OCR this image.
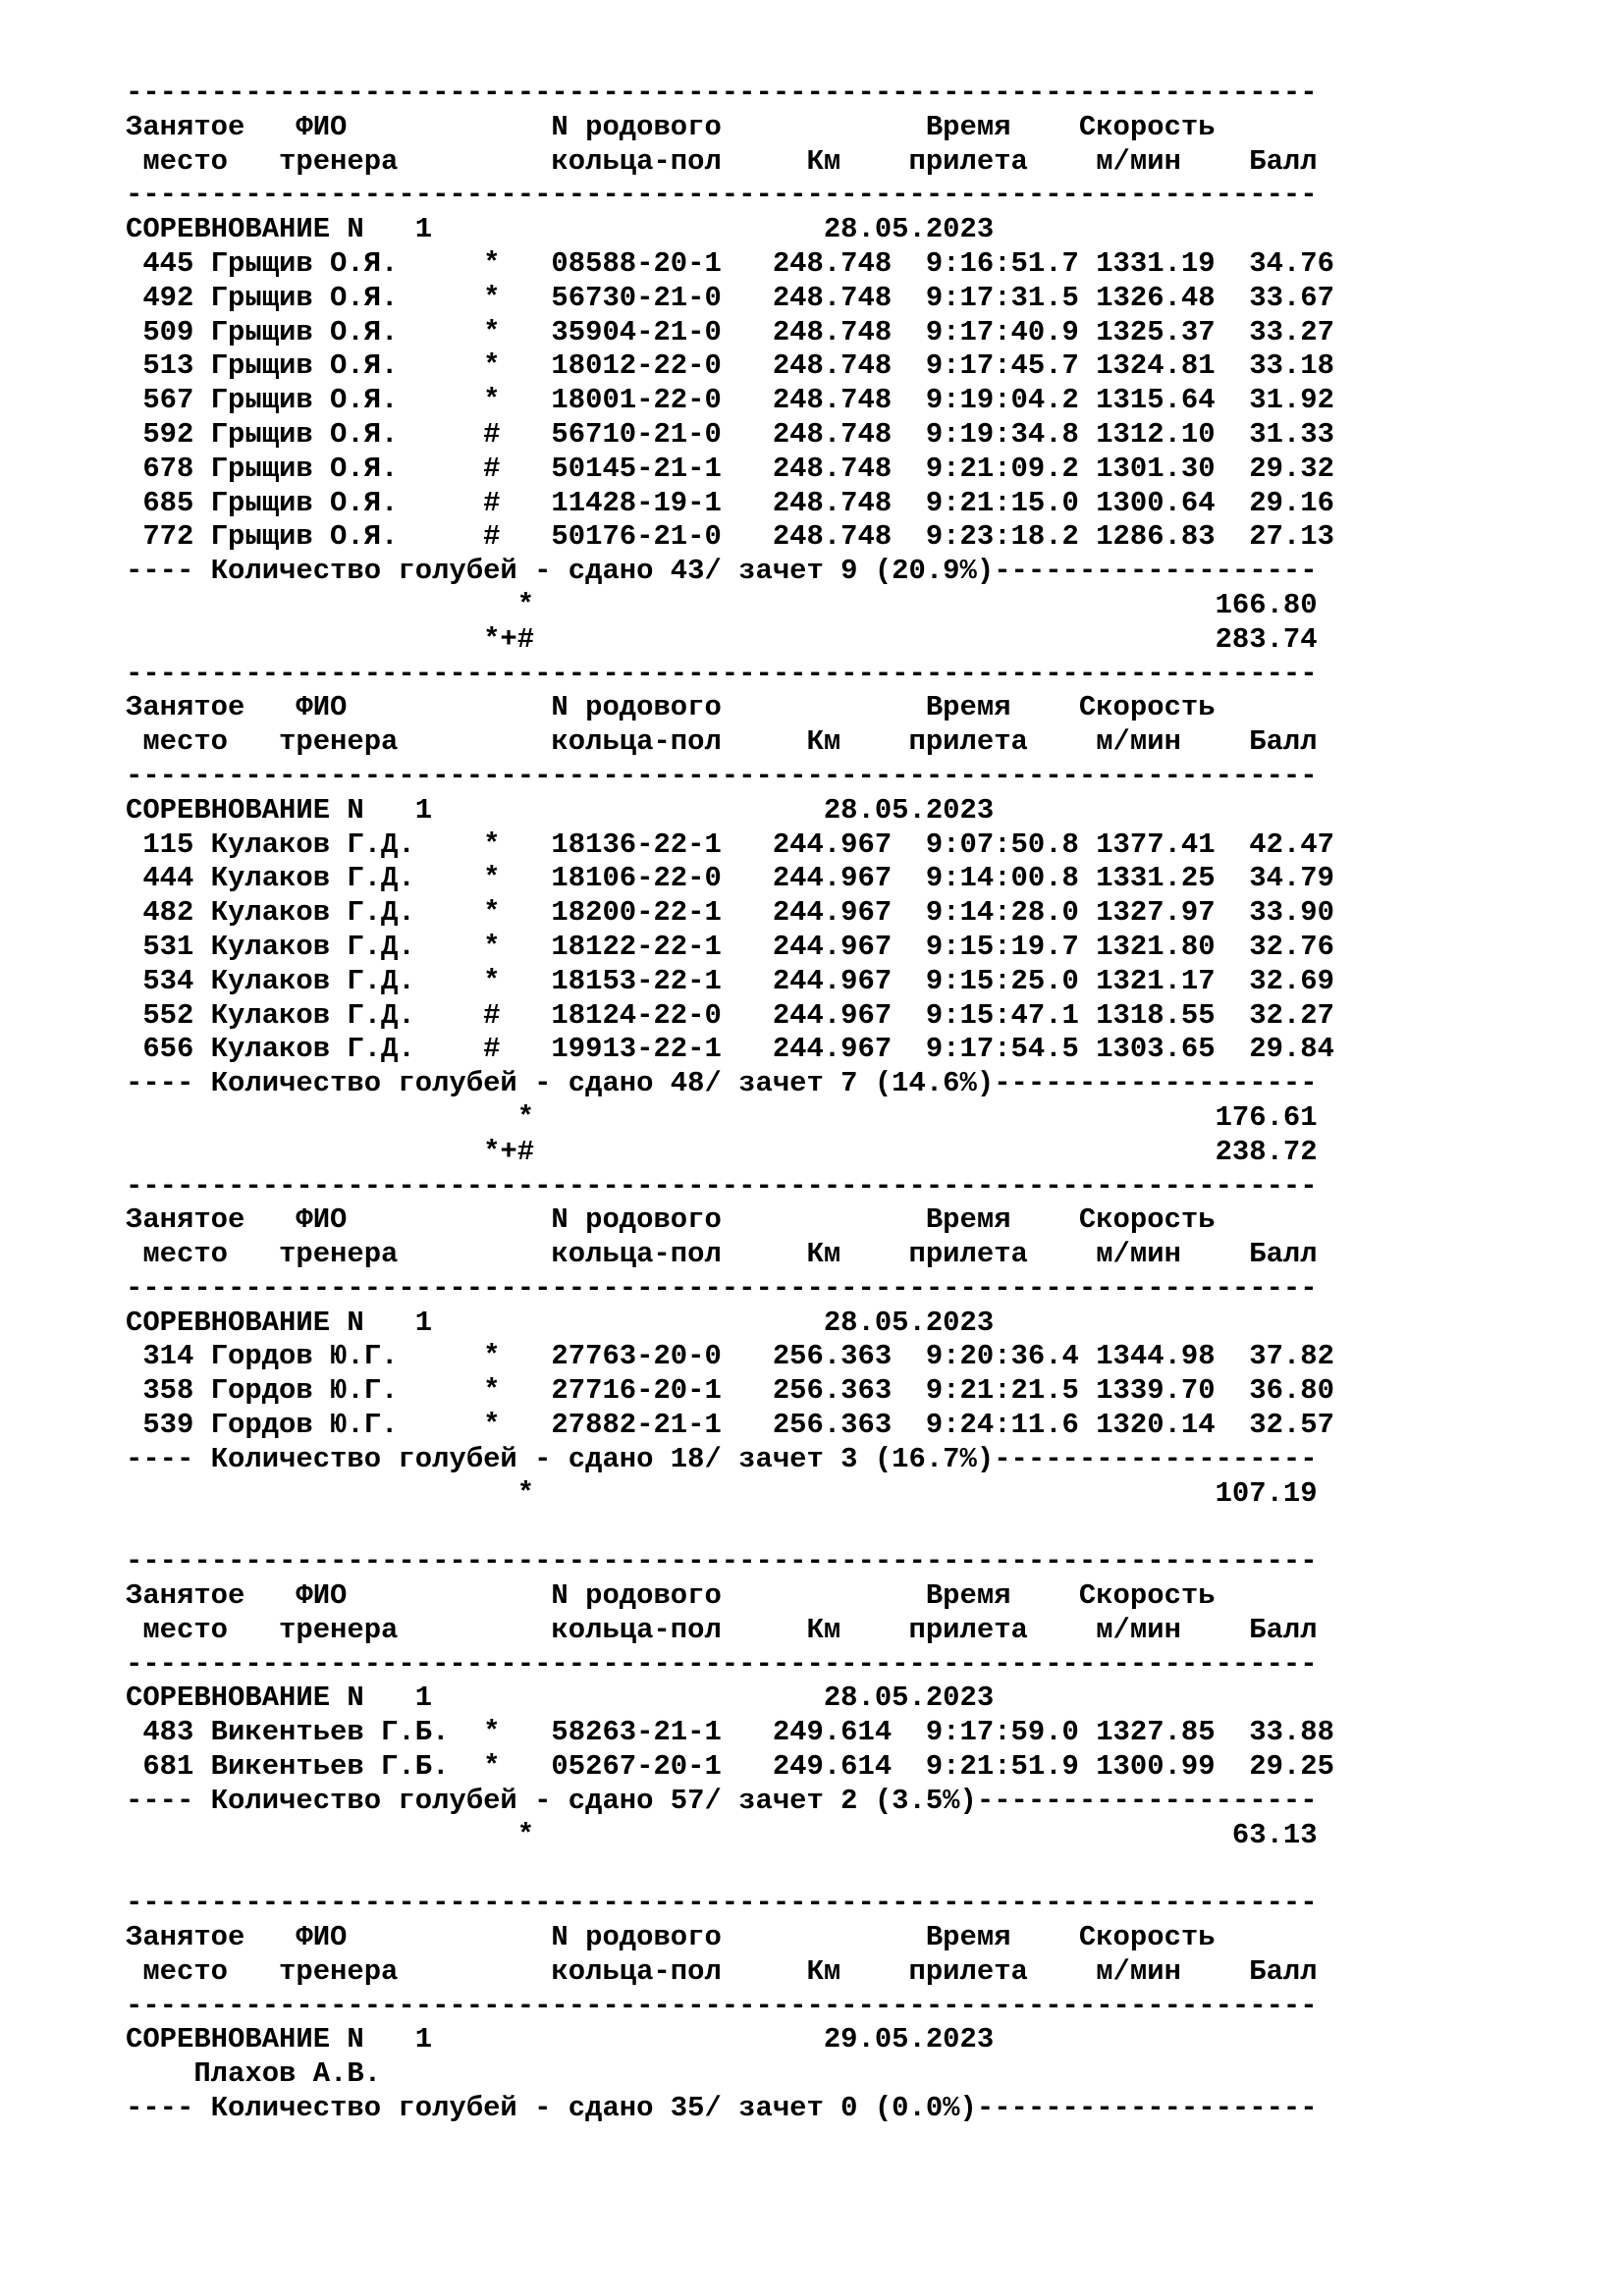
----------------------------------------------------------------------
Занятое   ФИО            N родового            Время    Скорость
место   тренера         кольца-пол     Км    прилета    м/мин    Балл
----------------------------------------------------------------------
СОРЕВНОВАНИЕ N   1                       28.05.2023
445 Грыщив О.Я.     *   08588-20-1   248.748  9:16:51.7 1331.19  34.76
492 Грыщив О.Я.     *   56730-21-0   248.748  9:17:31.5 1326.48  33.67
509 Грыщив О.Я.     *   35904-21-0   248.748  9:17:40.9 1325.37  33.27
513 Грыщив О.Я.     *   18012-22-0   248.748  9:17:45.7 1324.81  33.18
567 Грыщив О.Я.     *   18001-22-0   248.748  9:19:04.2 1315.64  31.92
592 Грыщив О.Я.     #   56710-21-0   248.748  9:19:34.8 1312.10  31.33
678 Грыщив О.Я.     #   50145-21-1   248.748  9:21:09.2 1301.30  29.32
685 Грыщив О.Я.     #   11428-19-1   248.748  9:21:15.0 1300.64  29.16
772 Грыщив О.Я.     #   50176-21-0   248.748  9:23:18.2 1286.83  27.13
---- Количество голубей - сдано 43/ зачет 9 (20.9%)-------------------
*                                        166.80
*+#                                        283.74
----------------------------------------------------------------------
Занятое   ФИО            N родового            Время    Скорость
место   тренера         кольца-пол     Км    прилета    м/мин    Балл
----------------------------------------------------------------------
СОРЕВНОВАНИЕ N   1                       28.05.2023
115 Кулаков Г.Д.    *   18136-22-1   244.967  9:07:50.8 1377.41  42.47
444 Кулаков Г.Д.    *   18106-22-0   244.967  9:14:00.8 1331.25  34.79
482 Кулаков Г.Д.    *   18200-22-1   244.967  9:14:28.0 1327.97  33.90
531 Кулаков Г.Д.    *   18122-22-1   244.967  9:15:19.7 1321.80  32.76
534 Кулаков Г.Д.    *   18153-22-1   244.967  9:15:25.0 1321.17  32.69
552 Кулаков Г.Д.    #   18124-22-0   244.967  9:15:47.1 1318.55  32.27
656 Кулаков Г.Д.    #   19913-22-1   244.967  9:17:54.5 1303.65  29.84
---- Количество голубей - сдано 48/ зачет 7 (14.6%)-------------------
*                                        176.61
*+#                                        238.72
----------------------------------------------------------------------
Занятое   ФИО            N родового            Время    Скорость
место   тренера         кольца-пол     Км    прилета    м/мин    Балл
----------------------------------------------------------------------
СОРЕВНОВАНИЕ N   1                       28.05.2023
314 Гордов Ю.Г.     *   27763-20-0   256.363  9:20:36.4 1344.98  37.82
358 Гордов Ю.Г.     *   27716-20-1   256.363  9:21:21.5 1339.70  36.80
539 Гордов Ю.Г.     *   27882-21-1   256.363  9:24:11.6 1320.14  32.57
---- Количество голубей - сдано 18/ зачет 3 (16.7%)-------------------
*                                        107.19
----------------------------------------------------------------------
Занятое   ФИО            N родового            Время    Скорость
место   тренера         кольца-пол     Км    прилета    м/мин    Балл
----------------------------------------------------------------------
СОРЕВНОВАНИЕ N   1                       28.05.2023
483 Викентьев Г.Б.  *   58263-21-1   249.614  9:17:59.0 1327.85  33.88
681 Викентьев Г.Б.  *   05267-20-1   249.614  9:21:51.9 1300.99  29.25
---- Количество голубей - сдано 57/ зачет 2 (3.5%)--------------------
*                                         63.13
----------------------------------------------------------------------
Занятое   ФИО            N родового            Время    Скорость
место   тренера         кольца-пол     Км    прилета    м/мин    Балл
----------------------------------------------------------------------
СОРЕВНОВАНИЕ N   1                       29.05.2023
Плахов А.В.
---- Количество голубей - сдано 35/ зачет 0 (0.0%)--------------------
